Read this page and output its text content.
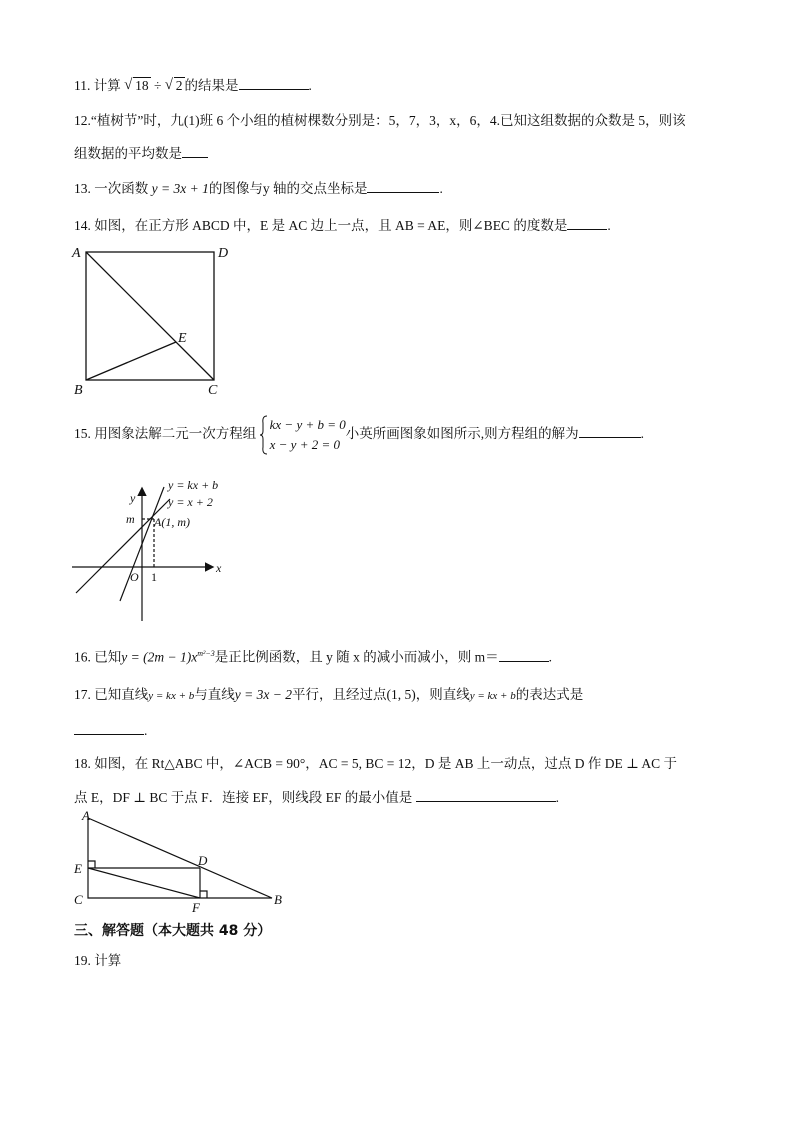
11. 计算 √ 18 ÷ √ 2 的结果是	.
12.“植树节”时，九(1)班 6 个小组的植树棵数分别是：5，7，3，x，6，4.已知这组数据的众数是 5，则该
组数据的平均数是
13. 一次函数 y = 3x + 1的图像与y 轴的交点坐标是	.
14. 如图，在正方形 ABCD 中，E 是 AC 边上一点，且 AB = AE，则∠BEC 的度数是	.
A	D
B	C
E
15. 用图象法解二元一次方程组
kx − y + b = 0
x − y + 2 = 0
小英所画图象如图所示,则方程组的解为	.
y = kx + b
y = x + 2
y
m A(1, m)
O 1
x
16. 已知$y = (2m - 1)x^{m^2-3}$是正比例函数，且 y 随 x 的减小而减小，则 m＝	.
17. 已知直线y = kx + b与直线y = 3x − 2平行，且经过点(1, 5)，则直线y = kx + b的表达式是
.
18. 如图，在 Rt△ABC 中，∠ACB = 90°，AC = 5, BC = 12，D 是 AB 上一动点，过点 D 作 DE ⊥ AC 于
点 E，DF ⊥ BC 于点 F．连接 EF，则线段 EF 的最小值是	.
A
E
C
D
F
B
三、解答题（本大题共 48 分）
19. 计算
